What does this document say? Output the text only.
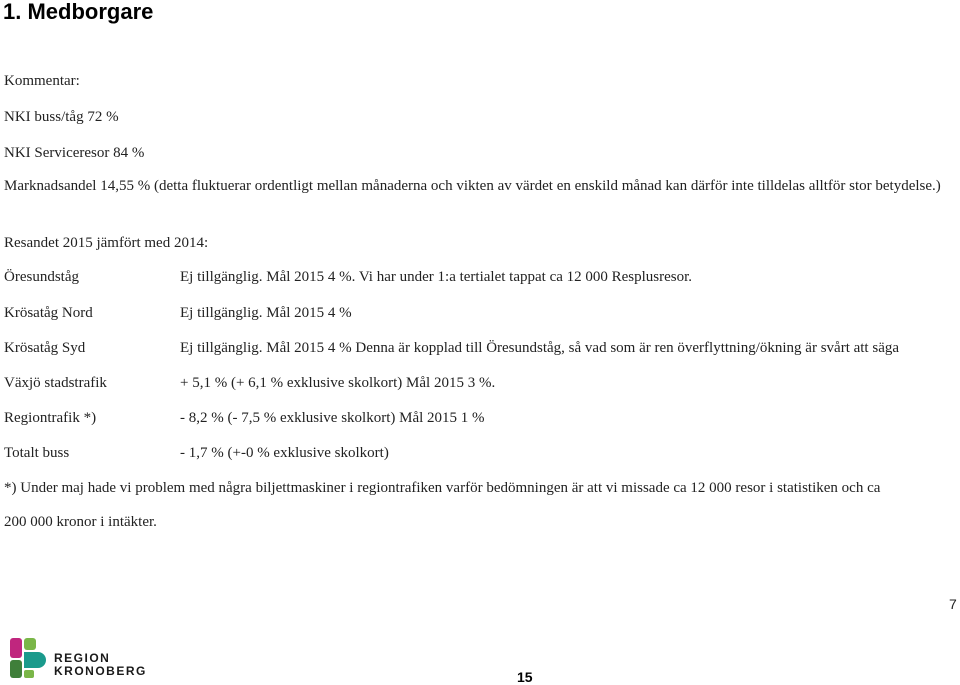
1. Medborgare
Kommentar:
NKI buss/tåg 72 %
NKI Serviceresor 84 %
Marknadsandel 14,55 % (detta fluktuerar ordentligt mellan månaderna och vikten av värdet en enskild månad kan därför inte tilldelas alltför stor betydelse.)
Resandet 2015 jämfört med 2014:
Öresundståg	Ej tillgänglig. Mål 2015 4 %. Vi har under 1:a tertialet tappat ca 12 000 Resplusresor.
Krösatåg Nord	Ej tillgänglig. Mål 2015 4 %
Krösatåg Syd	Ej tillgänglig. Mål 2015 4 % Denna är kopplad till Öresundståg, så vad som är ren överflyttning/ökning är svårt att säga
Växjö stadstrafik	+ 5,1 % (+ 6,1 % exklusive skolkort) Mål 2015 3 %.
Regiontrafik *)	- 8,2 % (- 7,5 % exklusive skolkort) Mål 2015 1 %
Totalt buss	- 1,7 % (+-0 % exklusive skolkort)
*) Under maj hade vi problem med några biljettmaskiner i regiontrafiken varför bedömningen är att vi missade ca 12 000 resor i statistiken och ca
200 000 kronor i intäkter.
7
REGION
KRONOBERG	15
